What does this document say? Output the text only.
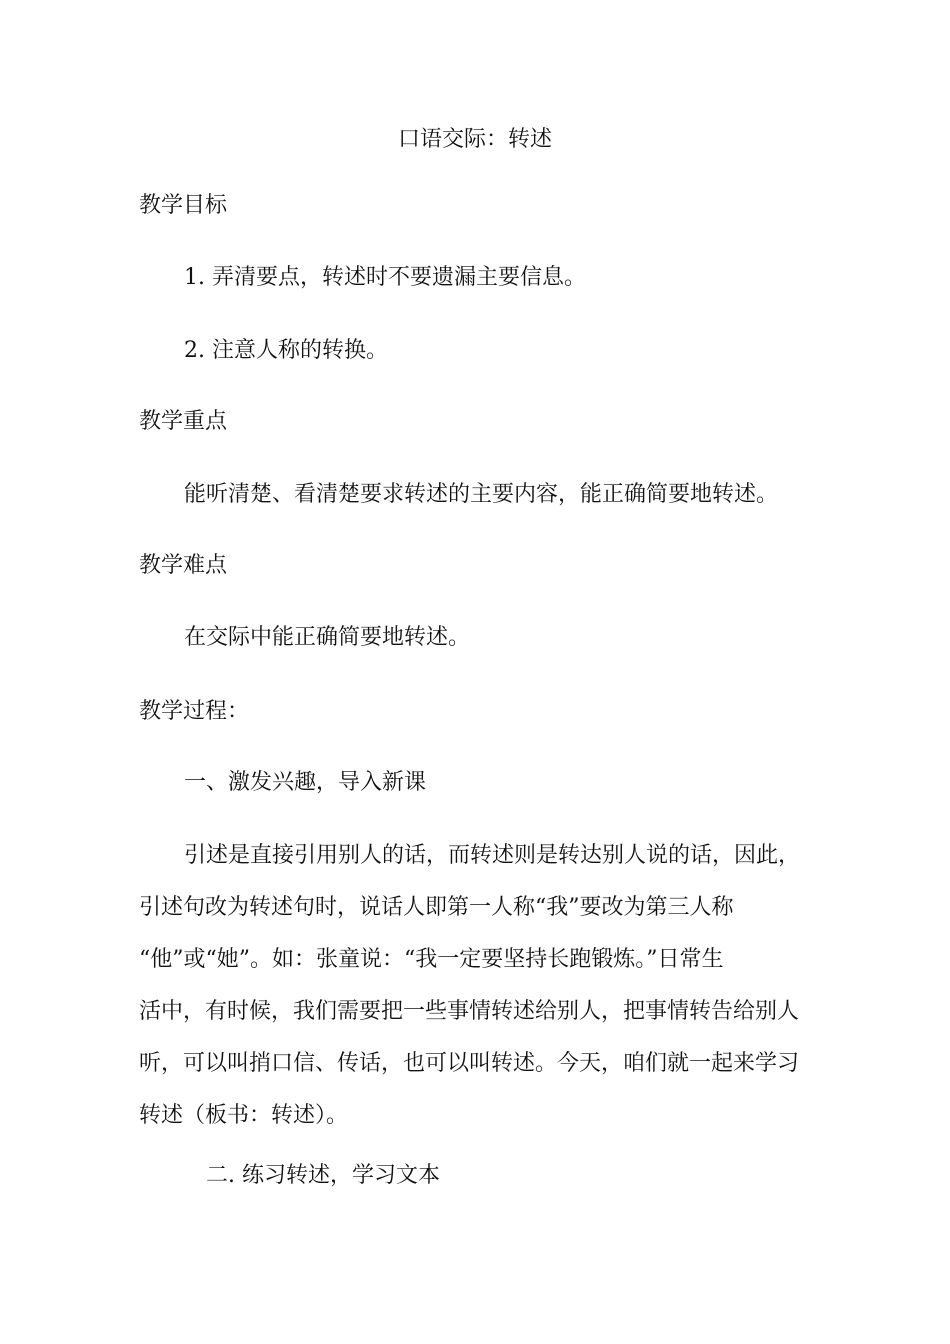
口语交际：转述
教学目标
1. 弄清要点，转述时不要遗漏主要信息。
2. 注意人称的转换。
教学重点
能听清楚、看清楚要求转述的主要内容，能正确简要地转述。
教学难点
在交际中能正确简要地转述。
教学过程：
一、激发兴趣，导入新课
引述是直接引用别人的话，而转述则是转达别人说的话，因此，
引述句改为转述句时，说话人即第一人称“我”要改为第三人称
“他”或“她”。如：张童说：“我一定要坚持长跑锻炼。”日常生
活中，有时候，我们需要把一些事情转述给别人，把事情转告给别人
听，可以叫捎口信、传话，也可以叫转述。今天，咱们就一起来学习
转述（板书：转述）。
二. 练习转述，学习文本
